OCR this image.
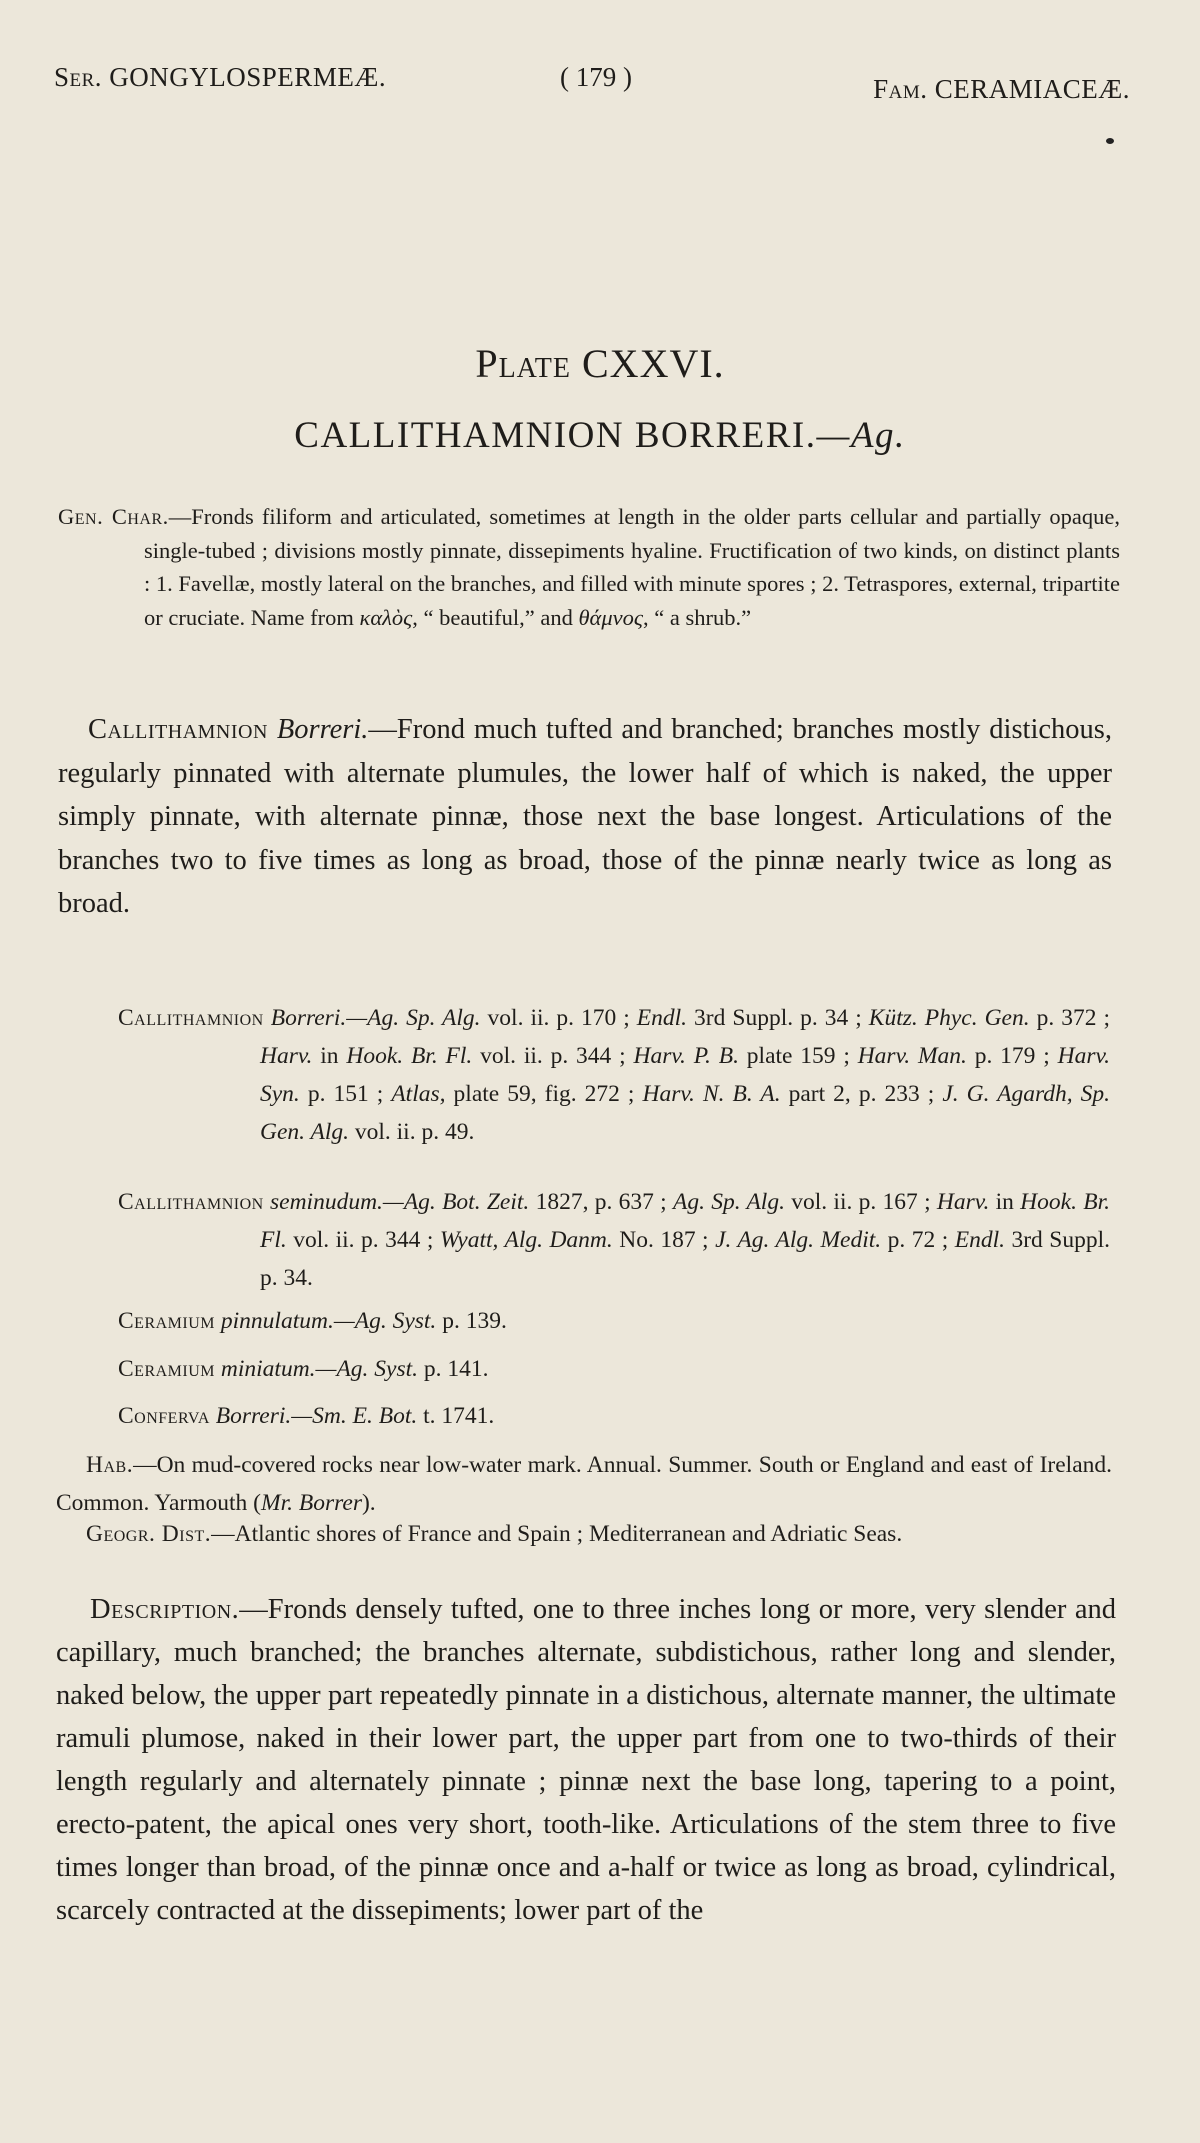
Ser. GONGYLOSPERMEÆ.	( 179 )	Fam. CERAMIACEÆ.
Plate CXXVI.
CALLITHAMNION BORRERI.—Ag.
Gen. Char.—Fronds filiform and articulated, sometimes at length in the older parts cellular and partially opaque, single-tubed ; divisions mostly pinnate, dissepiments hyaline. Fructification of two kinds, on distinct plants : 1. Favellæ, mostly lateral on the branches, and filled with minute spores ; 2. Tetraspores, external, tripartite or cruciate. Name from καλὸς, “ beautiful,” and θάμνος, “ a shrub.”
Callithamnion Borreri.—Frond much tufted and branched; branches mostly distichous, regularly pinnated with alternate plumules, the lower half of which is naked, the upper simply pinnate, with alternate pinnæ, those next the base longest. Articulations of the branches two to five times as long as broad, those of the pinnæ nearly twice as long as broad.
Callithamnion Borreri.—Ag. Sp. Alg. vol. ii. p. 170 ; Endl. 3rd Suppl. p. 34 ; Kütz. Phyc. Gen. p. 372 ; Harv. in Hook. Br. Fl. vol. ii. p. 344 ; Harv. P. B. plate 159 ; Harv. Man. p. 179 ; Harv. Syn. p. 151 ; Atlas, plate 59, fig. 272 ; Harv. N. B. A. part 2, p. 233 ; J. G. Agardh, Sp. Gen. Alg. vol. ii. p. 49.
Callithamnion seminudum.—Ag. Bot. Zeit. 1827, p. 637 ; Ag. Sp. Alg. vol. ii. p. 167 ; Harv. in Hook. Br. Fl. vol. ii. p. 344 ; Wyatt, Alg. Danm. No. 187 ; J. Ag. Alg. Medit. p. 72 ; Endl. 3rd Suppl. p. 34.
Ceramium pinnulatum.—Ag. Syst. p. 139.
Ceramium miniatum.—Ag. Syst. p. 141.
Conferva Borreri.—Sm. E. Bot. t. 1741.
Hab.—On mud-covered rocks near low-water mark. Annual. Summer. South or England and east of Ireland. Common. Yarmouth (Mr. Borrer).
Geogr. Dist.—Atlantic shores of France and Spain ; Mediterranean and Adriatic Seas.
Description.—Fronds densely tufted, one to three inches long or more, very slender and capillary, much branched; the branches alternate, subdistichous, rather long and slender, naked below, the upper part repeatedly pinnate in a distichous, alternate manner, the ultimate ramuli plumose, naked in their lower part, the upper part from one to two-thirds of their length regularly and alternately pinnate ; pinnæ next the base long, tapering to a point, erecto-patent, the apical ones very short, tooth-like. Articulations of the stem three to five times longer than broad, of the pinnæ once and a-half or twice as long as broad, cylindrical, scarcely contracted at the dissepiments; lower part of the
